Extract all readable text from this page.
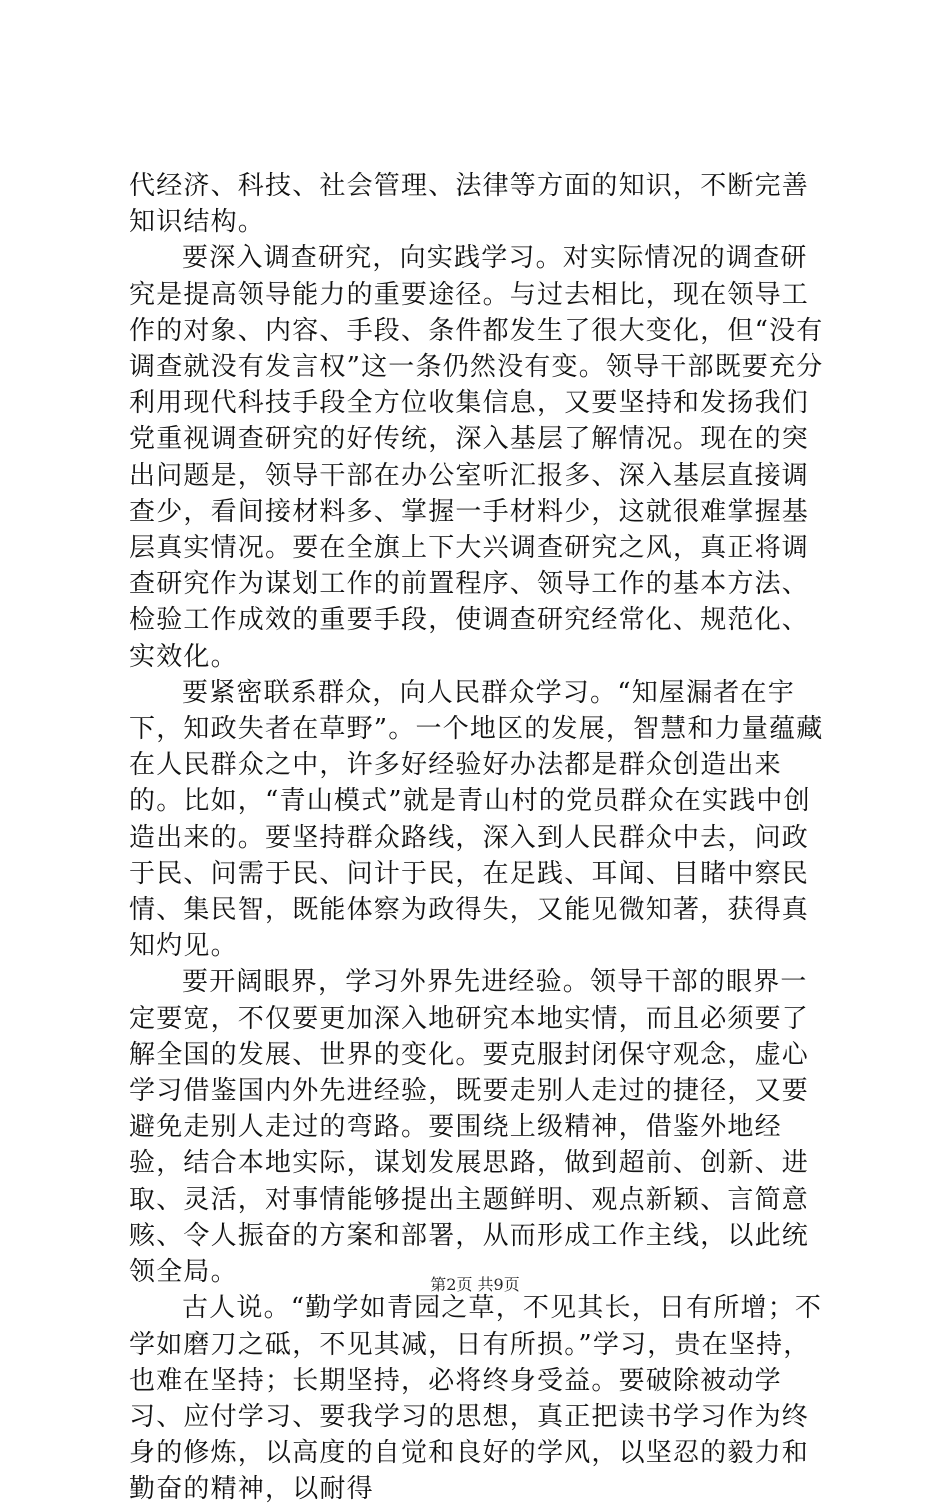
代经济、科技、社会管理、法律等方面的知识，不断完善知识结构。

要深入调查研究，向实践学习。对实际情况的调查研究是提高领导能力的重要途径。与过去相比，现在领导工作的对象、内容、手段、条件都发生了很大变化，但“没有调查就没有发言权”这一条仍然没有变。领导干部既要充分利用现代科技手段全方位收集信息，又要坚持和发扬我们党重视调查研究的好传统，深入基层了解情况。现在的突出问题是，领导干部在办公室听汇报多、深入基层直接调查少，看间接材料多、掌握一手材料少，这就很难掌握基层真实情况。要在全旗上下大兴调查研究之风，真正将调查研究作为谋划工作的前置程序、领导工作的基本方法、检验工作成效的重要手段，使调查研究经常化、规范化、实效化。

要紧密联系群众，向人民群众学习。“知屋漏者在宇下，知政失者在草野”。一个地区的发展，智慧和力量蕴藏在人民群众之中，许多好经验好办法都是群众创造出来的。比如，“青山模式”就是青山村的党员群众在实践中创造出来的。要坚持群众路线，深入到人民群众中去，问政于民、问需于民、问计于民，在足践、耳闻、目睹中察民情、集民智，既能体察为政得失，又能见微知著，获得真知灼见。

要开阔眼界，学习外界先进经验。领导干部的眼界一定要宽，不仅要更加深入地研究本地实情，而且必须要了解全国的发展、世界的变化。要克服封闭保守观念，虚心学习借鉴国内外先进经验，既要走别人走过的捷径，又要避免走别人走过的弯路。要围绕上级精神，借鉴外地经验，结合本地实际，谋划发展思路，做到超前、创新、进取、灵活，对事情能够提出主题鲜明、观点新颖、言简意赅、令人振奋的方案和部署，从而形成工作主线，以此统领全局。

古人说。“勤学如青园之草，不见其长，日有所增；不学如磨刀之砥，不见其减，日有所损。”学习，贵在坚持，也难在坚持；长期坚持，必将终身受益。要破除被动学习、应付学习、要我学习的思想，真正把读书学习作为终身的修炼，以高度的自觉和良好的学风，以坚忍的毅力和勤奋的精神，以耐得

第2页 共9页
